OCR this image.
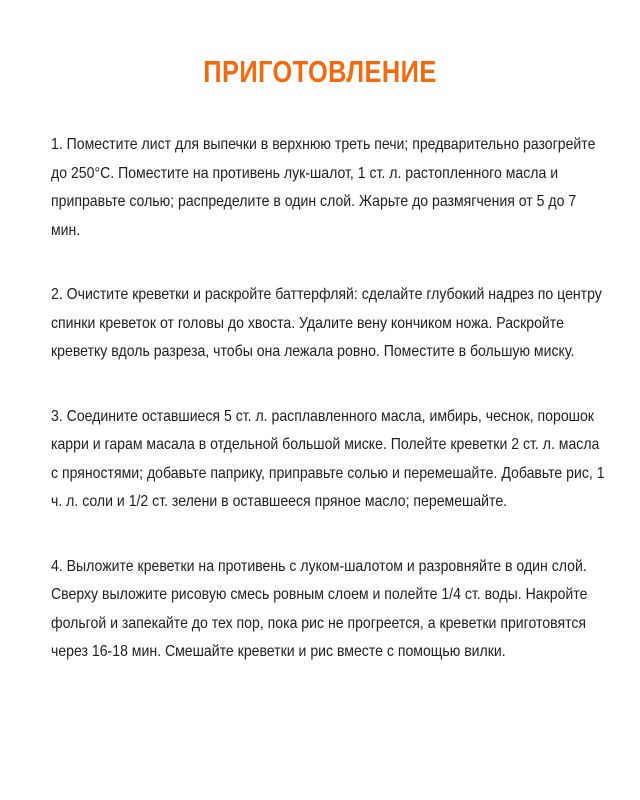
ПРИГОТОВЛЕНИЕ

1. Поместите лист для выпечки в верхнюю треть печи; предварительно разогрейте до 250°С. Поместите на противень лук-шалот, 1 ст. л. растопленного масла и приправьте солью; распределите в один слой. Жарьте до размягчения от 5 до 7 мин.

2. Очистите креветки и раскройте баттерфляй: сделайте глубокий надрез по центру спинки креветок от головы до хвоста. Удалите вену кончиком ножа. Раскройте креветку вдоль разреза, чтобы она лежала ровно. Поместите в большую миску.

3. Соедините оставшиеся 5 ст. л. расплавленного масла, имбирь, чеснок, порошок карри и гарам масала в отдельной большой миске. Полейте креветки 2 ст. л. масла с пряностями; добавьте паприку, приправьте солью и перемешайте. Добавьте рис, 1 ч. л. соли и 1/2 ст. зелени в оставшееся пряное масло; перемешайте.

4. Выложите креветки на противень с луком-шалотом и разровняйте в один слой. Сверху выложите рисовую смесь ровным слоем и полейте 1/4 ст. воды. Накройте фольгой и запекайте до тех пор, пока рис не прогреется, а креветки приготовятся через 16-18 мин. Смешайте креветки и рис вместе с помощью вилки.
